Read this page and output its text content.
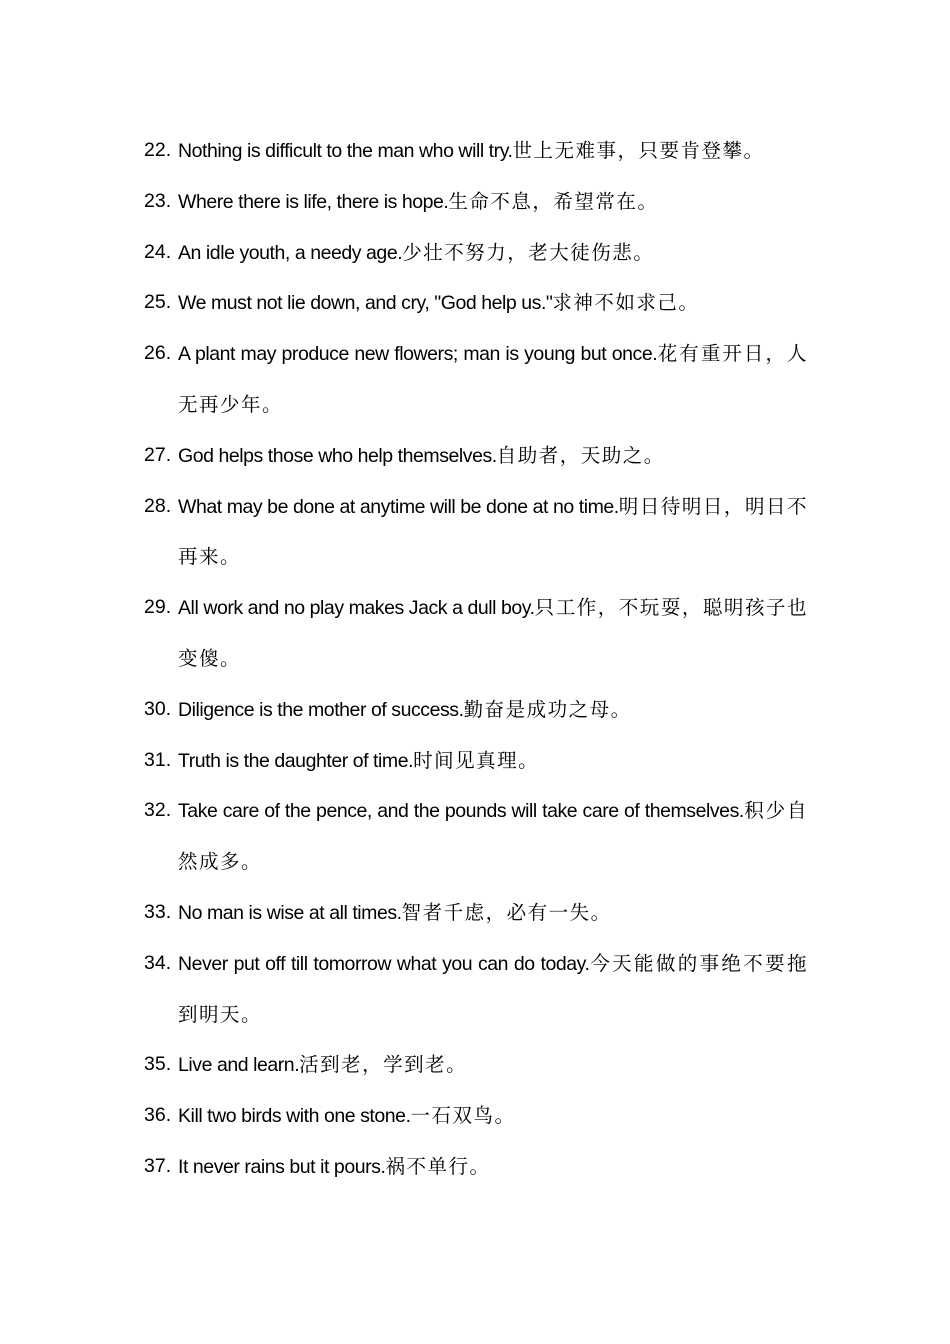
22. Nothing is difficult to the man who will try.世上无难事，只要肯登攀。
23. Where there is life, there is hope.生命不息，希望常在。
24. An idle youth, a needy age.少壮不努力，老大徒伤悲。
25. We must not lie down, and cry, "God help us."求神不如求己。
26. A plant may produce new flowers; man is young but once.花有重开日，人无再少年。
27. God helps those who help themselves.自助者，天助之。
28. What may be done at anytime will be done at no time.明日待明日，明日不再来。
29. All work and no play makes Jack a dull boy.只工作，不玩耍，聪明孩子也变傻。
30. Diligence is the mother of success.勤奋是成功之母。
31. Truth is the daughter of time.时间见真理。
32. Take care of the pence, and the pounds will take care of themselves.积少自然成多。
33. No man is wise at all times.智者千虑，必有一失。
34. Never put off till tomorrow what you can do today.今天能做的事绝不要拖到明天。
35. Live and learn.活到老，学到老。
36. Kill two birds with one stone.一石双鸟。
37. It never rains but it pours.祸不单行。
